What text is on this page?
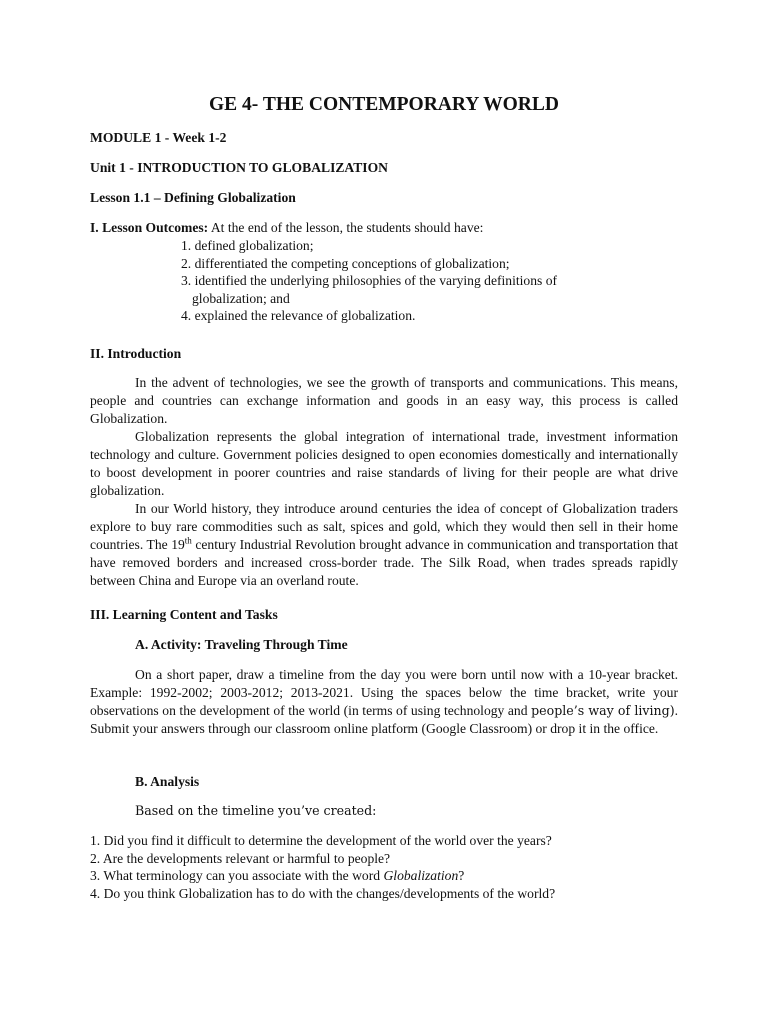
GE 4- THE CONTEMPORARY WORLD
MODULE 1 - Week 1-2
Unit 1 - INTRODUCTION TO GLOBALIZATION
Lesson 1.1 – Defining Globalization
I. Lesson Outcomes: At the end of the lesson, the students should have:
1. defined globalization;
2. differentiated the competing conceptions of globalization;
3. identified the underlying philosophies of the varying definitions of
globalization; and
4. explained the relevance of globalization.
II. Introduction

In the advent of technologies, we see the growth of transports and communications. This means, people and countries can exchange information and goods in an easy way, this process is called Globalization.

Globalization represents the global integration of international trade, investment information technology and culture. Government policies designed to open economies domestically and internationally to boost development in poorer countries and raise standards of living for their people are what drive globalization.

In our World history, they introduce around centuries the idea of concept of Globalization traders explore to buy rare commodities such as salt, spices and gold, which they would then sell in their home countries. The 19th century Industrial Revolution brought advance in communication and transportation that have removed borders and increased cross-border trade. The Silk Road, when trades spreads rapidly between China and Europe via an overland route.

III. Learning Content and Tasks
A. Activity: Traveling Through Time

On a short paper, draw a timeline from the day you were born until now with a 10-year bracket. Example: 1992-2002; 2003-2012; 2013-2021. Using the spaces below the time bracket, write your observations on the development of the world (in terms of using technology and people’s way of living). Submit your answers through our classroom online platform (Google Classroom) or drop it in the office.

B. Analysis
Based on the timeline you’ve created:
1. Did you find it difficult to determine the development of the world over the years?
2. Are the developments relevant or harmful to people?
3. What terminology can you associate with the word Globalization?
4. Do you think Globalization has to do with the changes/developments of the world?
